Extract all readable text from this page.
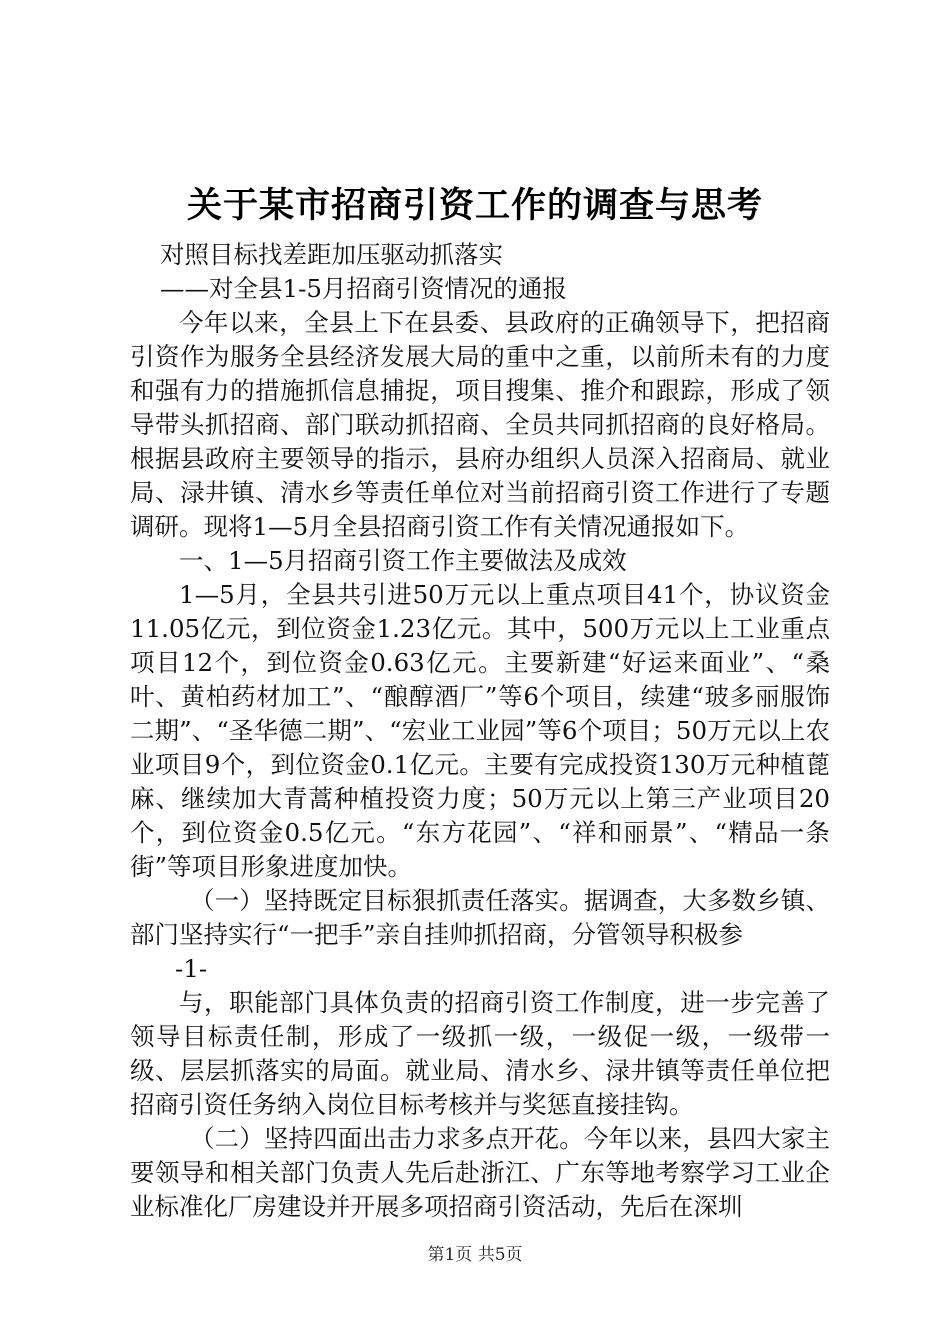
关于某市招商引资工作的调查与思考

对照目标找差距加压驱动抓落实

——对全县1-5月招商引资情况的通报

今年以来，全县上下在县委、县政府的正确领导下，把招商引资作为服务全县经济发展大局的重中之重，以前所未有的力度和强有力的措施抓信息捕捉，项目搜集、推介和跟踪，形成了领导带头抓招商、部门联动抓招商、全员共同抓招商的良好格局。根据县政府主要领导的指示，县府办组织人员深入招商局、就业局、渌井镇、清水乡等责任单位对当前招商引资工作进行了专题调研。现将1—5月全县招商引资工作有关情况通报如下。

一、1—5月招商引资工作主要做法及成效

1—5月，全县共引进50万元以上重点项目41个，协议资金11.05亿元，到位资金1.23亿元。其中，500万元以上工业重点项目12个，到位资金0.63亿元。主要新建“好运来面业”、“桑叶、黄柏药材加工”、“酿醇酒厂”等6个项目，续建“玻多丽服饰二期”、“圣华德二期”、“宏业工业园”等6个项目；50万元以上农业项目9个，到位资金0.1亿元。主要有完成投资130万元种植蓖麻、继续加大青蒿种植投资力度；50万元以上第三产业项目20个，到位资金0.5亿元。“东方花园”、“祥和丽景”、“精品一条街”等项目形象进度加快。

（一）坚持既定目标狠抓责任落实。据调查，大多数乡镇、部门坚持实行“一把手”亲自挂帅抓招商，分管领导积极参

-1-

与，职能部门具体负责的招商引资工作制度，进一步完善了领导目标责任制，形成了一级抓一级，一级促一级，一级带一级、层层抓落实的局面。就业局、清水乡、渌井镇等责任单位把招商引资任务纳入岗位目标考核并与奖惩直接挂钩。

（二）坚持四面出击力求多点开花。今年以来，县四大家主要领导和相关部门负责人先后赴浙江、广东等地考察学习工业企业标准化厂房建设并开展多项招商引资活动，先后在深圳

第1页 共5页
